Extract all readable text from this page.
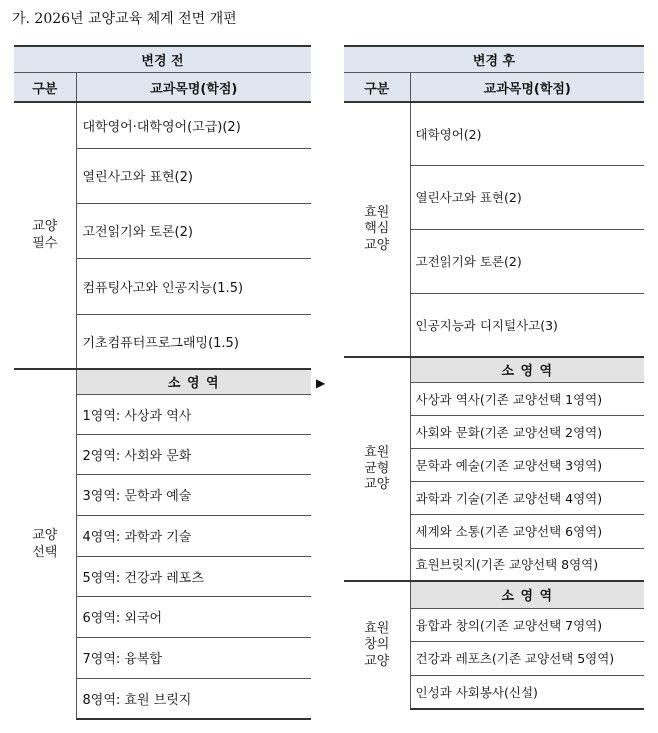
가. 2026년 교양교육 체계 전면 개편
변경 전	
구분	교과목명(학점)
교양
필수	대학영어·대학영어(고급)(2)
	열린사고와 표현(2)
	고전읽기와 토론(2)
	컴퓨팅사고와 인공지능(1.5)
	기초컴퓨터프로그래밍(1.5)
교양
선택	소 영 역
	1영역: 사상과 역사
	2영역: 사회와 문화
	3영역: 문학과 예술
	4영역: 과학과 기술
	5영역: 건강과 레포츠
	6영역: 외국어
	7영역: 융복합
	8영역: 효원 브릿지
▶
변경 후	
구분	교과목명(학점)
효원
핵심
교양	대학영어(2)
	열린사고와 표현(2)
	고전읽기와 토론(2)
	인공지능과 디지털사고(3)
효원
균형
교양	소 영 역
	사상과 역사(기존 교양선택 1영역)
	사회와 문화(기존 교양선택 2영역)
	문학과 예술(기존 교양선택 3영역)
	과학과 기술(기존 교양선택 4영역)
	세계와 소통(기존 교양선택 6영역)
	효원브릿지(기존 교양선택 8영역)
효원
창의
교양	소 영 역
	융합과 창의(기존 교양선택 7영역)
	건강과 레포츠(기존 교양선택 5영역)
	인성과 사회봉사(신설)
